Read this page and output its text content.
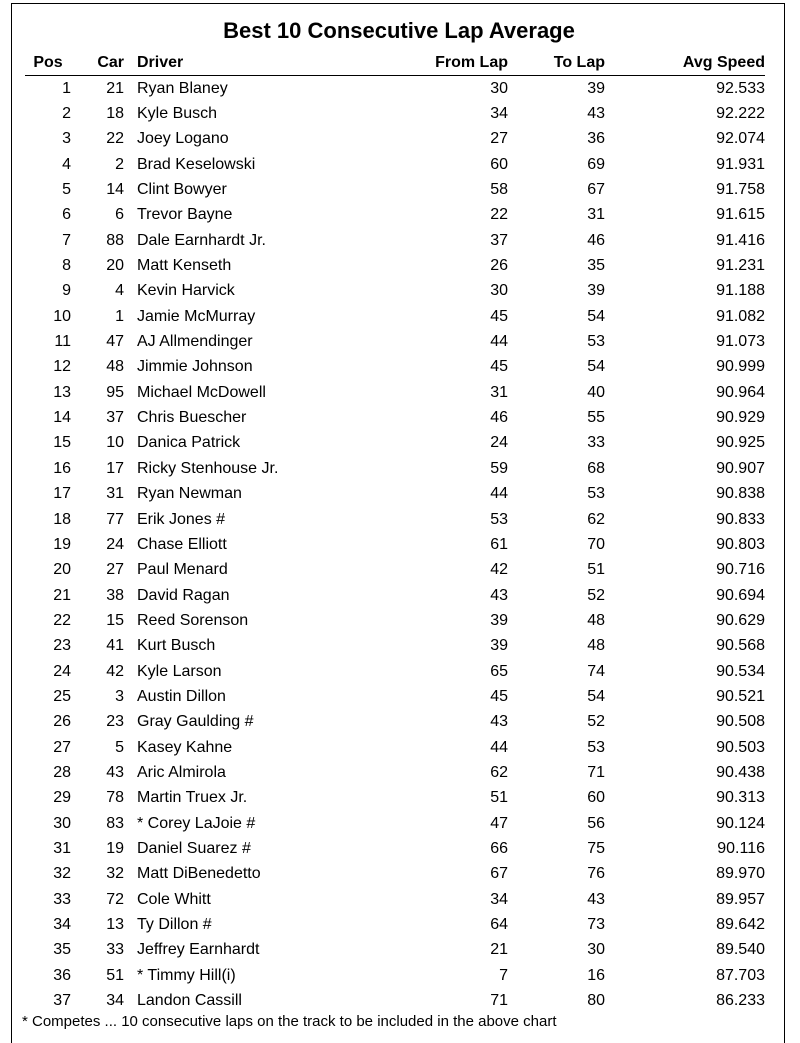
Best 10 Consecutive Lap Average
Pos	Car	Driver	From Lap	To Lap	Avg Speed
1	21	Ryan Blaney	30	39	92.533
2	18	Kyle Busch	34	43	92.222
3	22	Joey Logano	27	36	92.074
4	2	Brad Keselowski	60	69	91.931
5	14	Clint Bowyer	58	67	91.758
6	6	Trevor Bayne	22	31	91.615
7	88	Dale Earnhardt Jr.	37	46	91.416
8	20	Matt Kenseth	26	35	91.231
9	4	Kevin Harvick	30	39	91.188
10	1	Jamie McMurray	45	54	91.082
11	47	AJ Allmendinger	44	53	91.073
12	48	Jimmie Johnson	45	54	90.999
13	95	Michael McDowell	31	40	90.964
14	37	Chris Buescher	46	55	90.929
15	10	Danica Patrick	24	33	90.925
16	17	Ricky Stenhouse Jr.	59	68	90.907
17	31	Ryan Newman	44	53	90.838
18	77	Erik Jones #	53	62	90.833
19	24	Chase Elliott	61	70	90.803
20	27	Paul Menard	42	51	90.716
21	38	David Ragan	43	52	90.694
22	15	Reed Sorenson	39	48	90.629
23	41	Kurt Busch	39	48	90.568
24	42	Kyle Larson	65	74	90.534
25	3	Austin Dillon	45	54	90.521
26	23	Gray Gaulding #	43	52	90.508
27	5	Kasey Kahne	44	53	90.503
28	43	Aric Almirola	62	71	90.438
29	78	Martin Truex Jr.	51	60	90.313
30	83	* Corey LaJoie #	47	56	90.124
31	19	Daniel Suarez #	66	75	90.116
32	32	Matt DiBenedetto	67	76	89.970
33	72	Cole Whitt	34	43	89.957
34	13	Ty Dillon #	64	73	89.642
35	33	Jeffrey Earnhardt	21	30	89.540
36	51	* Timmy Hill(i)	7	16	87.703
37	34	Landon Cassill	71	80	86.233
* Competes ... 10 consecutive laps on the track to be included in the above chart
